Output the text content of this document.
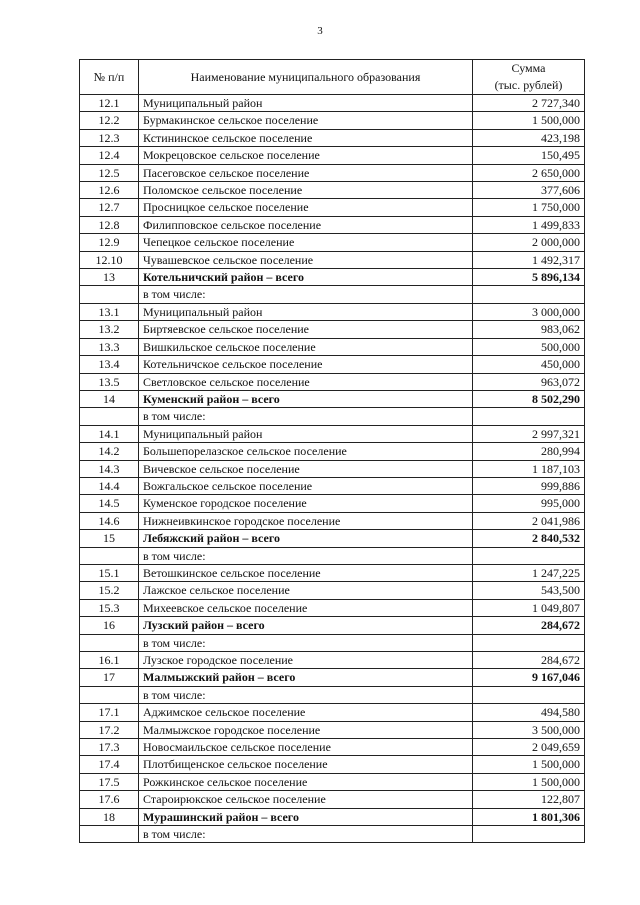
3
№ п/п	Наименование муниципального образования	Сумма
(тыс. рублей)
12.1	Муниципальный район	2 727,340
12.2	Бурмакинское сельское поселение	1 500,000
12.3	Кстининское сельское поселение	423,198
12.4	Мокрецовское сельское поселение	150,495
12.5	Пасеговское сельское поселение	2 650,000
12.6	Поломское сельское поселение	377,606
12.7	Просницкое сельское поселение	1 750,000
12.8	Филипповское сельское поселение	1 499,833
12.9	Чепецкое сельское поселение	2 000,000
12.10	Чувашевское сельское поселение	1 492,317
13	Котельничский район – всего	5 896,134
	в том числе:	
13.1	Муниципальный район	3 000,000
13.2	Биртяевское сельское поселение	983,062
13.3	Вишкильское сельское поселение	500,000
13.4	Котельничское сельское поселение	450,000
13.5	Светловское сельское поселение	963,072
14	Куменский район – всего	8 502,290
	в том числе:	
14.1	Муниципальный район	2 997,321
14.2	Большепорелазское сельское поселение	280,994
14.3	Вичевское сельское поселение	1 187,103
14.4	Вожгальское сельское поселение	999,886
14.5	Куменское городское поселение	995,000
14.6	Нижнеивкинское городское поселение	2 041,986
15	Лебяжский район – всего	2 840,532
	в том числе:	
15.1	Ветошкинское сельское поселение	1 247,225
15.2	Лажское сельское поселение	543,500
15.3	Михеевское сельское поселение	1 049,807
16	Лузский район – всего	284,672
	в том числе:	
16.1	Лузское городское поселение	284,672
17	Малмыжский район – всего	9 167,046
	в том числе:	
17.1	Аджимское сельское поселение	494,580
17.2	Малмыжское городское поселение	3 500,000
17.3	Новосмаильское сельское поселение	2 049,659
17.4	Плотбищенское сельское поселение	1 500,000
17.5	Рожкинское сельское поселение	1 500,000
17.6	Староирюкское сельское поселение	122,807
18	Мурашинский район – всего	1 801,306
	в том числе:	
